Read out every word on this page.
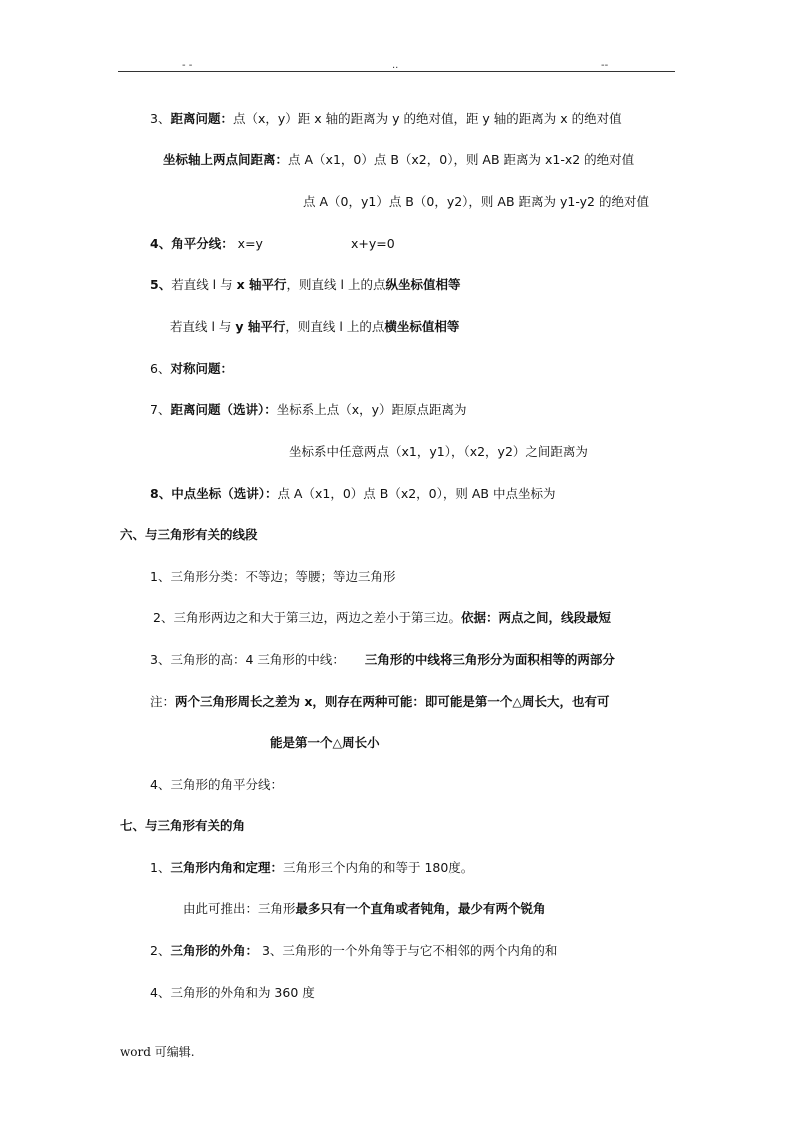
- -	..	--
3、距离问题：点（x，y）距 x 轴的距离为 y 的绝对值，距 y 轴的距离为 x 的绝对值
坐标轴上两点间距离：点 A（x1，0）点 B（x2，0），则 AB 距离为 x1-x2 的绝对值
点 A（0，y1）点 B（0，y2），则 AB 距离为 y1-y2 的绝对值
4、角平分线： x=y	x+y=0
5、若直线 l 与 x 轴平行，则直线 l 上的点纵坐标值相等
若直线 l 与 y 轴平行，则直线 l 上的点横坐标值相等
6、对称问题：
7、距离问题（选讲）：坐标系上点（x，y）距原点距离为
坐标系中任意两点（x1，y1），（x2，y2）之间距离为
8、中点坐标（选讲）：点 A（x1，0）点 B（x2，0），则 AB 中点坐标为
六、与三角形有关的线段
1、三角形分类：不等边；等腰；等边三角形
2、三角形两边之和大于第三边，两边之差小于第三边。依据：两点之间，线段最短
3、三角形的高：4 三角形的中线： 三角形的中线将三角形分为面积相等的两部分
注：两个三角形周长之差为 x，则存在两种可能：即可能是第一个△周长大，也有可
能是第一个△周长小
4、三角形的角平分线：
七、与三角形有关的角
1、三角形内角和定理：三角形三个内角的和等于 180度。
由此可推出：三角形最多只有一个直角或者钝角，最少有两个锐角
2、三角形的外角： 3、三角形的一个外角等于与它不相邻的两个内角的和
4、三角形的外角和为 360 度
word 可编辑.
